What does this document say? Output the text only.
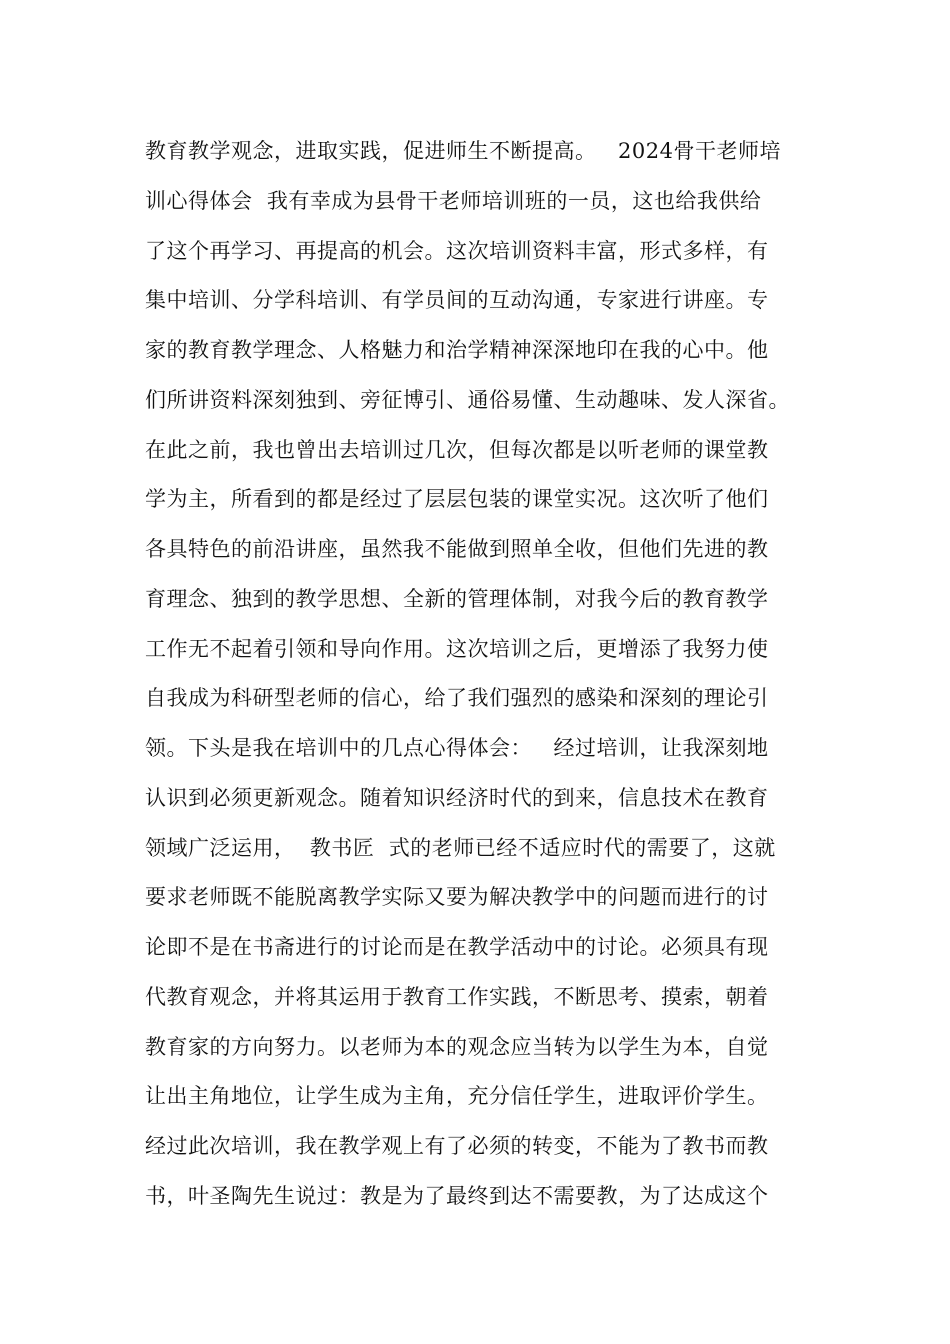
教育教学观念，进取实践，促进师生不断提高。   2024骨干老师培
训心得体会  我有幸成为县骨干老师培训班的一员，这也给我供给
了这个再学习、再提高的机会。这次培训资料丰富，形式多样，有
集中培训、分学科培训、有学员间的互动沟通，专家进行讲座。专
家的教育教学理念、人格魅力和治学精神深深地印在我的心中。他
们所讲资料深刻独到、旁征博引、通俗易懂、生动趣味、发人深省。
在此之前，我也曾出去培训过几次，但每次都是以听老师的课堂教
学为主，所看到的都是经过了层层包装的课堂实况。这次听了他们
各具特色的前沿讲座，虽然我不能做到照单全收，但他们先进的教
育理念、独到的教学思想、全新的管理体制，对我今后的教育教学
工作无不起着引领和导向作用。这次培训之后，更增添了我努力使
自我成为科研型老师的信心，给了我们强烈的感染和深刻的理论引
领。下头是我在培训中的几点心得体会：   经过培训，让我深刻地
认识到必须更新观念。随着知识经济时代的到来，信息技术在教育
领域广泛运用，  教书匠  式的老师已经不适应时代的需要了，这就
要求老师既不能脱离教学实际又要为解决教学中的问题而进行的讨
论即不是在书斋进行的讨论而是在教学活动中的讨论。必须具有现
代教育观念，并将其运用于教育工作实践，不断思考、摸索，朝着
教育家的方向努力。以老师为本的观念应当转为以学生为本，自觉
让出主角地位，让学生成为主角，充分信任学生，进取评价学生。
经过此次培训，我在教学观上有了必须的转变，不能为了教书而教
书，叶圣陶先生说过：教是为了最终到达不需要教，为了达成这个
